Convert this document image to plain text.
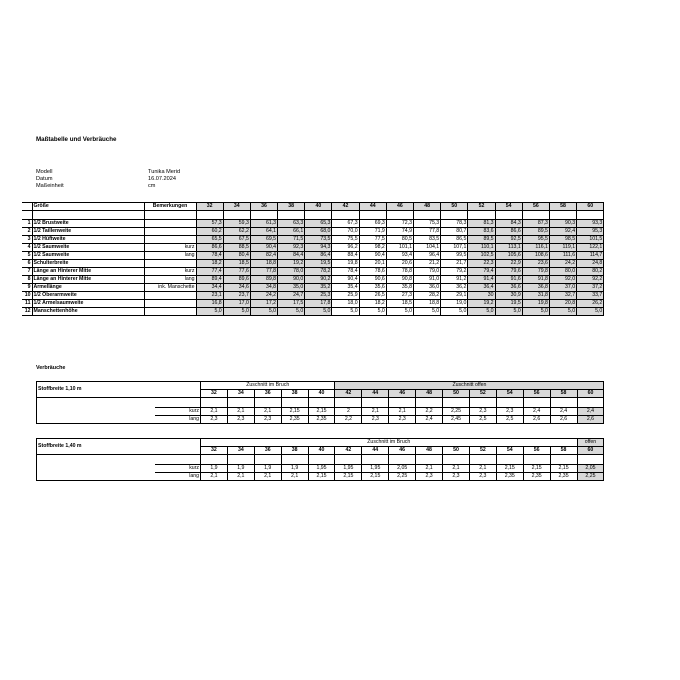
Maßtabelle und Verbräuche
Modell	Tunika Merid
Datum	16.07.2024
Maßeinheit	cm
	Größe	Bemerkungen	32	34	36	38	40	42	44	46	48	50	52	54	56	58	60

1	1/2 Brustweite		57,3	59,3	61,3	63,3	65,3	67,3	69,3	72,3	75,3	78,3	81,3	84,3	87,3	90,3	93,3
2	1/2 Taillenweite		60,2	62,2	64,1	66,1	68,0	70,0	71,9	74,9	77,8	80,7	83,6	86,6	89,5	92,4	95,3
3	1/2 Hüftweite		65,5	67,5	69,5	71,5	73,5	75,5	77,5	80,5	83,5	86,5	89,5	92,5	95,5	98,5	101,5
4	1/2 Saumweite	kurz	86,6	88,5	90,4	92,3	94,3	96,2	98,2	101,1	104,1	107,1	110,1	113,1	116,1	119,1	122,1
5	1/2 Saumweite	lang	78,4	80,4	82,4	84,4	86,4	88,4	90,4	93,4	96,4	99,5	102,5	105,6	108,6	111,6	114,7
6	Schulterbreite		18,2	18,5	18,8	19,2	19,5	19,8	20,1	20,6	21,2	21,7	22,3	22,9	23,6	24,2	24,8
7	Länge an Hinterer Mitte	kurz	77,4	77,6	77,8	78,0	78,2	78,4	78,6	78,8	79,0	79,2	79,4	79,6	79,8	80,0	80,2
8	Länge an Hinterer Mitte	lang	89,4	89,6	89,8	90,0	90,2	90,4	90,6	90,8	91,0	91,2	91,4	91,6	91,8	92,0	92,2
9	Ärmellänge	ink. Manschette	34,4	34,6	34,8	35,0	35,2	35,4	35,6	35,8	36,0	36,2	36,4	36,6	36,8	37,0	37,2
10	1/2 Oberarmweite		23,1	23,7	24,2	24,7	25,3	25,9	26,5	27,3	28,2	29,1	30	30,9	31,8	32,7	33,7
11	1/2 Ärmelsaumweite		16,8	17,0	17,2	17,5	17,8	18,0	18,2	18,5	18,8	19,0	19,2	19,5	19,8	20,8	26,2
12	Manschettenhöhe		5,0	5,0	5,0	5,0	5,0	5,0	5,0	5,0	5,0	5,0	5,0	5,0	5,0	5,0	5,0
Verbräuche
Stoffbreite 1,10 m		Zuschnitt im Bruch					Zuschnitt offen									
		32	34	36	38	40	42	44	46	48	50	52	54	56	58	60

	kurz	2,1	2,1	2,1	2,15	2,15	2	2,1	2,1	2,2	2,25	2,3	2,3	2,4	2,4	2,4
	lang	2,3	2,3	2,3	2,35	2,35	2,2	2,3	2,3	2,4	2,45	2,5	2,5	2,6	2,6	2,6
Stoffbreite 1,40 m		Zuschnitt im Bruch														offen
		32	34	36	38	40	42	44	46	48	50	52	54	56	58	60

	kurz	1,9	1,9	1,9	1,9	1,95	1,95	1,95	2,05	2,1	2,1	2,1	2,15	2,15	2,15	2,05
	lang	2,1	2,1	2,1	2,1	2,15	2,15	2,15	2,25	2,3	2,3	2,3	2,35	2,35	2,35	2,25
